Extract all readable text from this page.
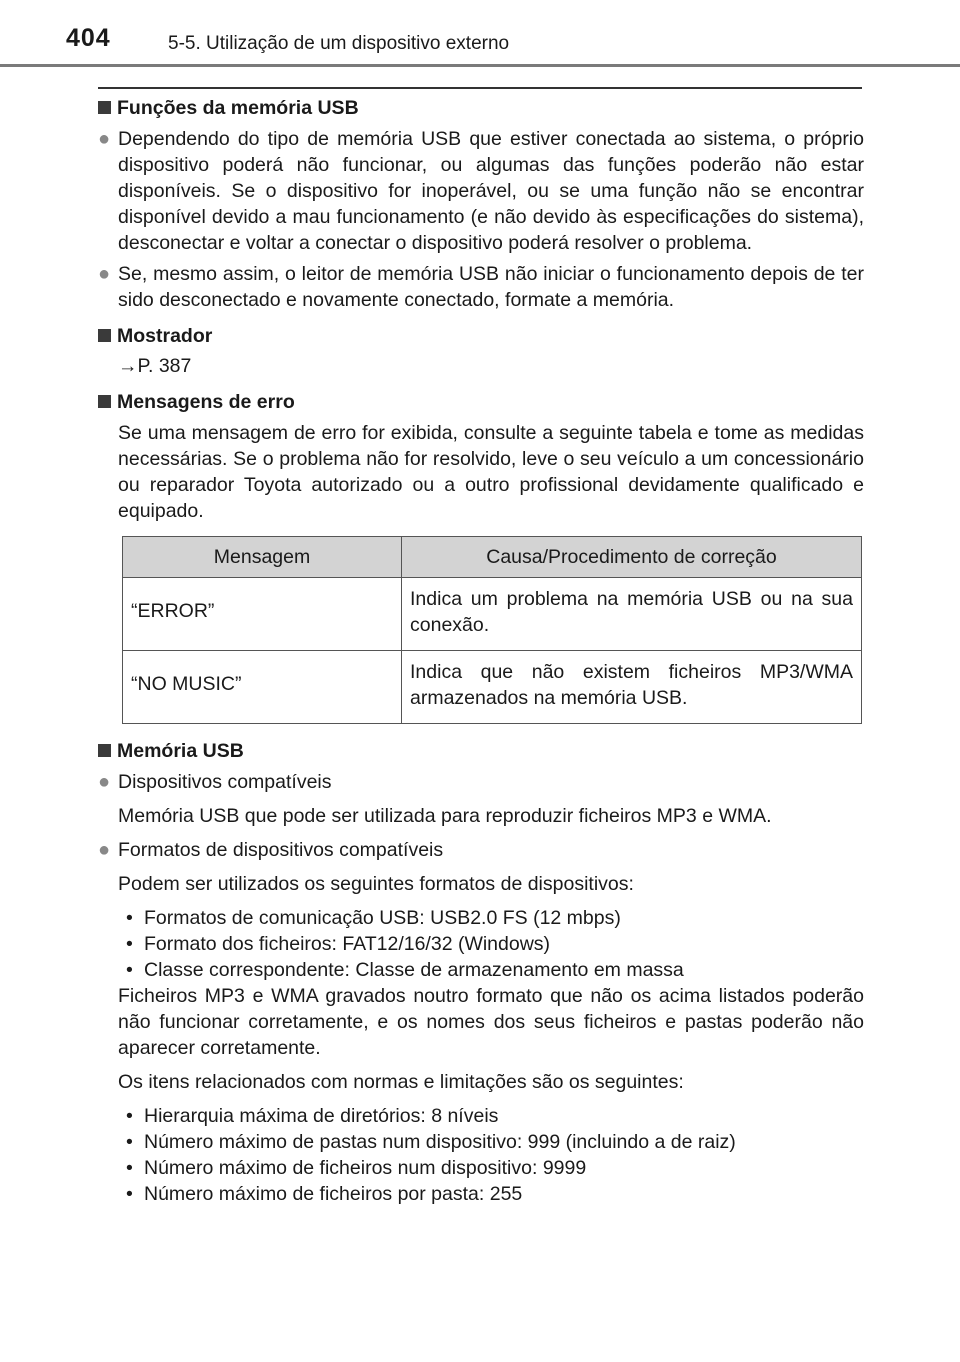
404	5-5. Utilização de um dispositivo externo
Funções da memória USB
● Dependendo do tipo de memória USB que estiver conectada ao sistema, o próprio dispositivo poderá não funcionar, ou algumas das funções poderão não estar disponíveis. Se o dispositivo for inoperável, ou se uma função não se encontrar disponível devido a mau funcionamento (e não devido às especificações do sistema), desconectar e voltar a conectar o dispositivo poderá resolver o problema.
● Se, mesmo assim, o leitor de memória USB não iniciar o funcionamento depois de ter sido desconectado e novamente conectado, formate a memória.
Mostrador
→P. 387
Mensagens de erro
Se uma mensagem de erro for exibida, consulte a seguinte tabela e tome as medidas necessárias. Se o problema não for resolvido, leve o seu veículo a um concessionário ou reparador Toyota autorizado ou a outro profissional devidamente qualificado e equipado.
Mensagem	Causa/Procedimento de correção
“ERROR”	Indica um problema na memória USB ou na sua conexão.
“NO MUSIC”	Indica que não existem ficheiros MP3/WMA armazenados na memória USB.
Memória USB
● Dispositivos compatíveis
Memória USB que pode ser utilizada para reproduzir ficheiros MP3 e WMA.
● Formatos de dispositivos compatíveis
Podem ser utilizados os seguintes formatos de dispositivos:
• Formatos de comunicação USB: USB2.0 FS (12 mbps)
• Formato dos ficheiros: FAT12/16/32 (Windows)
• Classe correspondente: Classe de armazenamento em massa
Ficheiros MP3 e WMA gravados noutro formato que não os acima listados poderão não funcionar corretamente, e os nomes dos seus ficheiros e pastas poderão não aparecer corretamente.
Os itens relacionados com normas e limitações são os seguintes:
• Hierarquia máxima de diretórios: 8 níveis
• Número máximo de pastas num dispositivo: 999 (incluindo a de raiz)
• Número máximo de ficheiros num dispositivo: 9999
• Número máximo de ficheiros por pasta: 255
